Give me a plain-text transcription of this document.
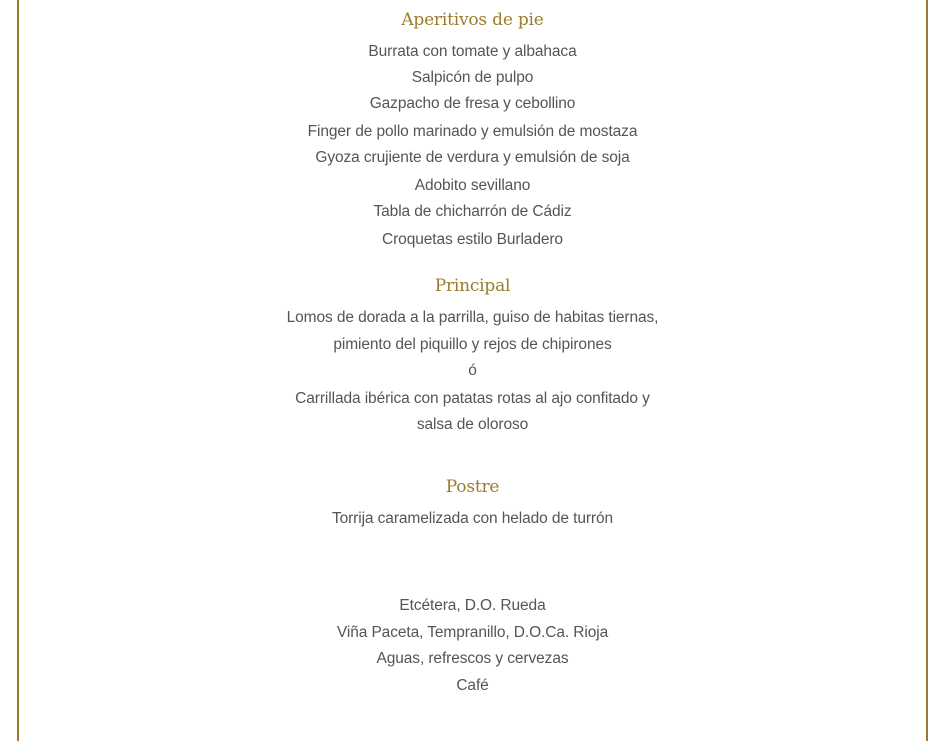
Aperitivos de pie
Burrata con tomate y albahaca
Salpicón de pulpo
Gazpacho de fresa y cebollino
Finger de pollo marinado y emulsión de mostaza
Gyoza crujiente de verdura y emulsión de soja
Adobito sevillano
Tabla de chicharrón de Cádiz
Croquetas estilo Burladero
Principal
Lomos de dorada a la parrilla, guiso de habitas tiernas,
pimiento del piquillo y rejos de chipirones
ó
Carrillada ibérica con patatas rotas al ajo confitado y
salsa de oloroso
Postre
Torrija caramelizada con helado de turrón
Etcétera, D.O. Rueda
Viña Paceta, Tempranillo, D.O.Ca. Rioja
Aguas, refrescos y cervezas
Café
